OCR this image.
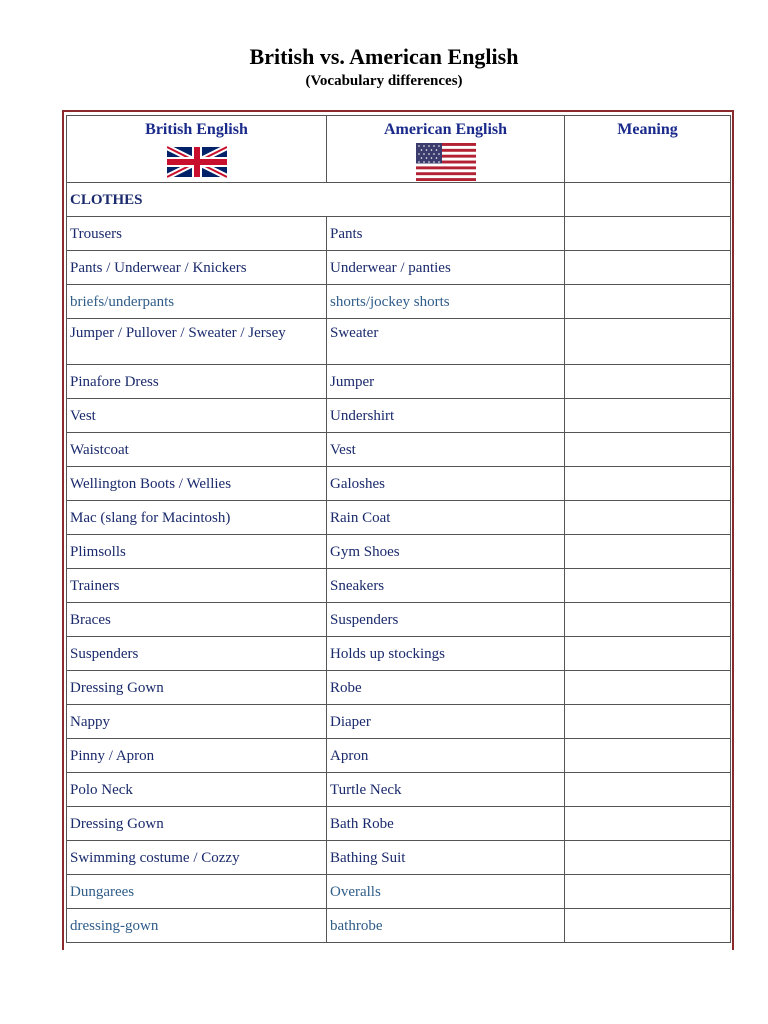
British vs. American English
(Vocabulary differences)
British English	American English	Meaning
CLOTHES		
Trousers	Pants	
Pants / Underwear / Knickers	Underwear / panties	
briefs/underpants	shorts/jockey shorts	
Jumper / Pullover / Sweater / Jersey	Sweater	
Pinafore Dress	Jumper	
Vest	Undershirt	
Waistcoat	Vest	
Wellington Boots / Wellies	Galoshes	
Mac (slang for Macintosh)	Rain Coat	
Plimsolls	Gym Shoes	
Trainers	Sneakers	
Braces	Suspenders	
Suspenders	Holds up stockings	
Dressing Gown	Robe	
Nappy	Diaper	
Pinny / Apron	Apron	
Polo Neck	Turtle Neck	
Dressing Gown	Bath Robe	
Swimming costume / Cozzy	Bathing Suit	
Dungarees	Overalls	
dressing-gown	bathrobe	
